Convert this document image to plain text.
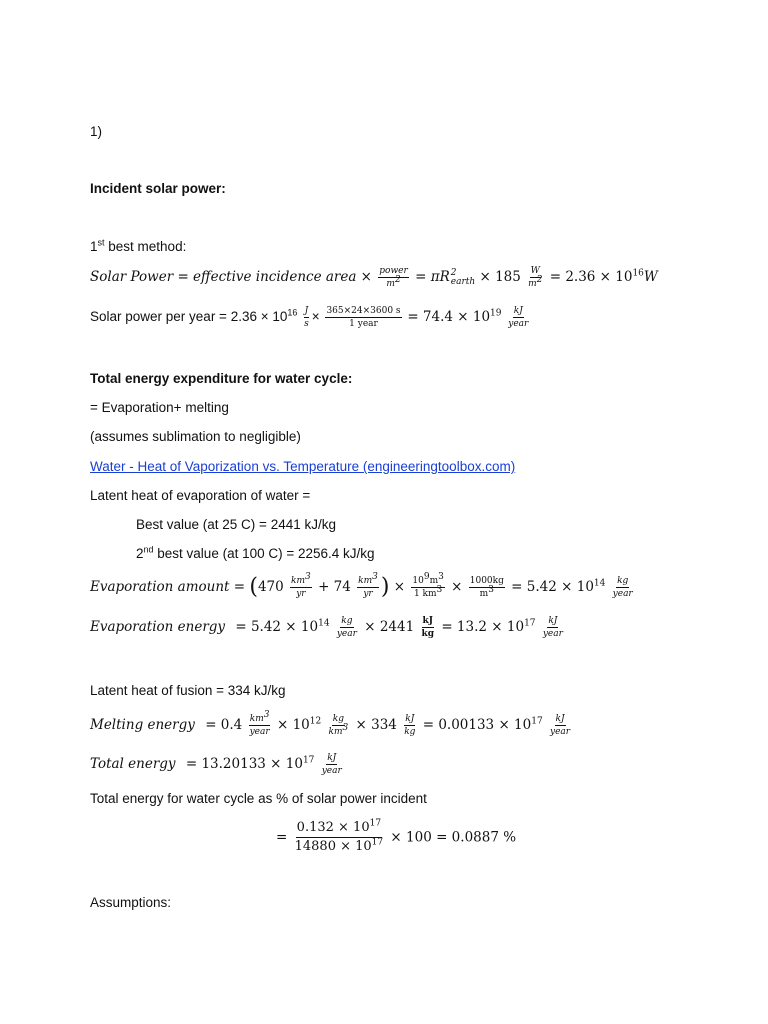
1)
Incident solar power:
1st best method:
Solar Power = effective incidence area × $\frac{\text{power}}{m^2} = \pi R$ 2
earth × $185 \frac{W}{m^2} = 2.36 \times 10^{16}W$
Solar power per year = $2.36 \times 10^{16} \frac{J}{s} \times \frac{365\times 24\times 3600 s}{\text{1 year}} = 74.4 \times 10^{19} \frac{kJ}{\text{year}}$
Total energy expenditure for water cycle:
= Evaporation+ melting
(assumes sublimation to negligible)
Water - Heat of Vaporization vs. Temperature (engineeringtoolbox.com)
Latent heat of evaporation of water =
Best value (at 25 C) = 2441 kJ/kg
2nd best value (at 100 C) = 2256.4 kJ/kg
Evaporation amount = ($470 \frac{km^3}{yr} + 74 \frac{km^3}{yr}$ ) × $\frac{10^9m^3}{1 km^3} \times \frac{1000kg}{m^3} = 5.42 \times 10^{14} \frac{kg}{\text{year}}$
Evaporation energy = $5.42 \times 10^{14} \frac{kg}{\text{year}} \times 2441 \frac{kJ}{kg} = 13.2 \times 10^{17} \frac{kJ}{\text{year}}$
Latent heat of fusion = 334 kJ/kg
Melting energy = $0.4 \frac{km^3}{\text{year}} \times 10^{12} \frac{kg}{km^3} \times 334 \frac{kJ}{kg} = 0.00133 \times 10^{17} \frac{kJ}{\text{year}}$
Total energy = $13.20133 \times 10^{17} \frac{kJ}{\text{year}}$
Total energy for water cycle as % of solar power incident
= $\frac{0.132 \times 10^{17}}{14880 \times 10^{17}} \times 100 = 0.0887$ %
Assumptions:
